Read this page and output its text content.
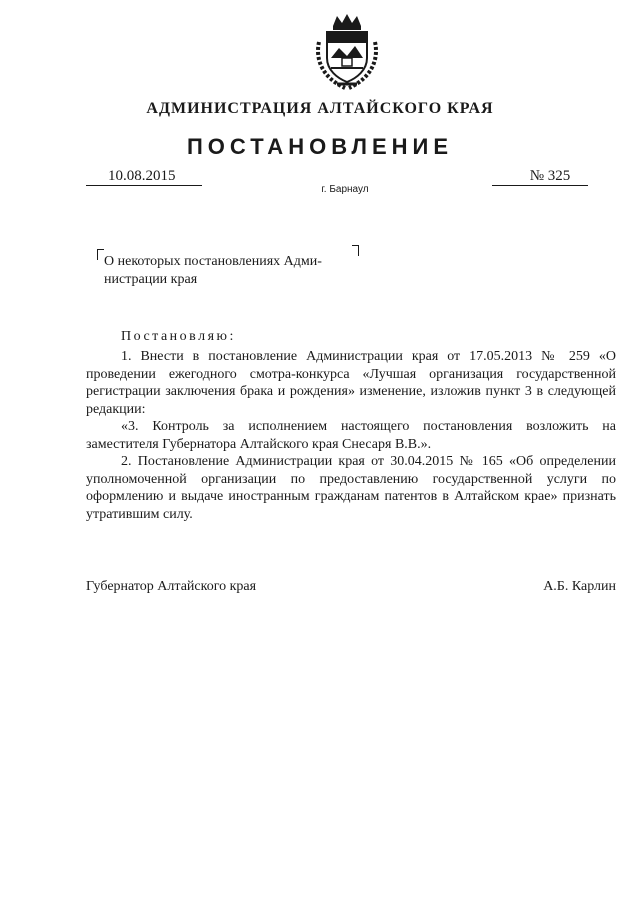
АДМИНИСТРАЦИЯ АЛТАЙСКОГО КРАЯ
ПОСТАНОВЛЕНИЕ
10.08.2015	№ 325
г. Барнаул
О некоторых постановлениях Адми-
нистрации края
Постановляю:

1. Внести в постановление Администрации края от 17.05.2013 № 259 «О проведении ежегодного смотра-конкурса «Лучшая организация государственной регистрации заключения брака и рождения» изменение, изложив пункт 3 в следующей редакции:

«3. Контроль за исполнением настоящего постановления возложить на заместителя Губернатора Алтайского края Снесаря В.В.».

2. Постановление Администрации края от 30.04.2015 № 165 «Об определении уполномоченной организации по предоставлению государственной услуги по оформлению и выдаче иностранным гражданам патентов в Алтайском крае» признать утратившим силу.

Губернатор Алтайского края	А.Б. Карлин
